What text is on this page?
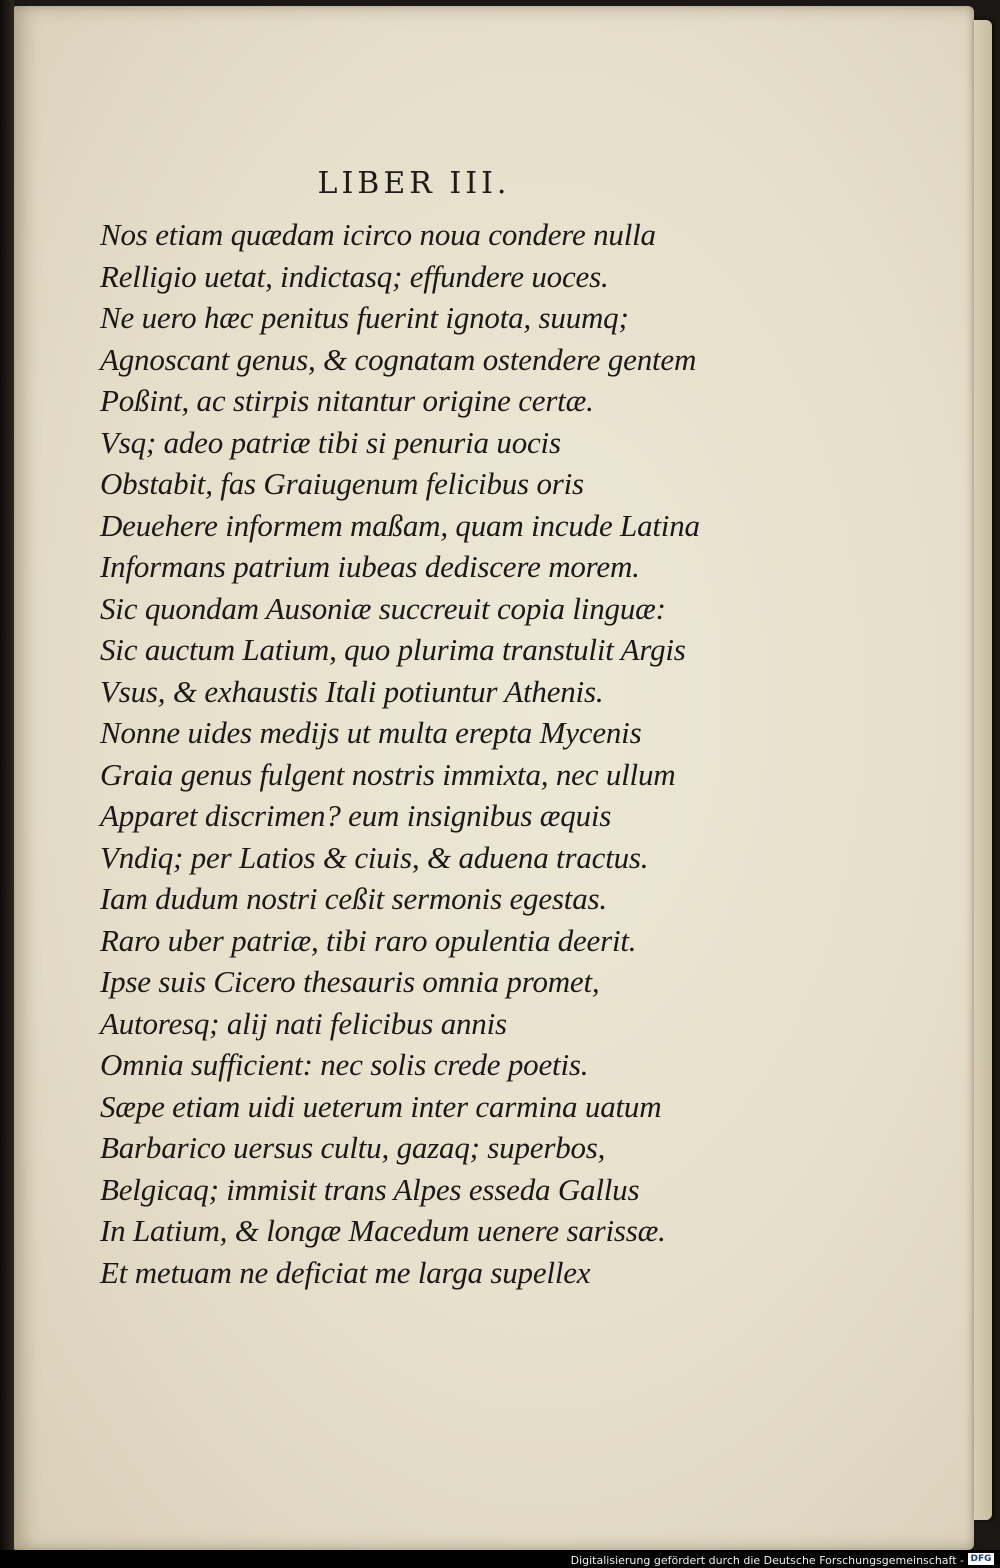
LIBER III.
Nos etiam quædam icirco noua condere nulla
Relligio uetat, indictasq; effundere uoces.
Ne uero hæc penitus fuerint ignota, suumq;
Agnoscant genus, & cognatam ostendere gentem
Poßint, ac stirpis nitantur origine certæ.
Vsq; adeo patriæ tibi si penuria uocis
Obstabit, fas Graiugenum felicibus oris
Deuehere informem maßam, quam incude Latina
Informans patrium iubeas dediscere morem.
Sic quondam Ausoniæ succreuit copia linguæ:
Sic auctum Latium, quo plurima transtulit Argis
Vsus, & exhaustis Itali potiuntur Athenis.
Nonne uides medijs ut multa erepta Mycenis
Graia genus fulgent nostris immixta, nec ullum
Apparet discrimen? eum insignibus æquis
Vndiq; per Latios & ciuis, & aduena tractus.
Iam dudum nostri ceßit sermonis egestas.
Raro uber patriæ, tibi raro opulentia deerit.
Ipse suis Cicero thesauris omnia promet,
Autoresq; alij nati felicibus annis
Omnia sufficient: nec solis crede poetis.
Sæpe etiam uidi ueterum inter carmina uatum
Barbarico uersus cultu, gazaq; superbos,
Belgicaq; immisit trans Alpes esseda Gallus
In Latium, & longæ Macedum uenere sarissæ.
Et metuam ne deficiat me larga supellex
Digitalisierung gefördert durch die Deutsche Forschungsgemeinschaft - DFG
